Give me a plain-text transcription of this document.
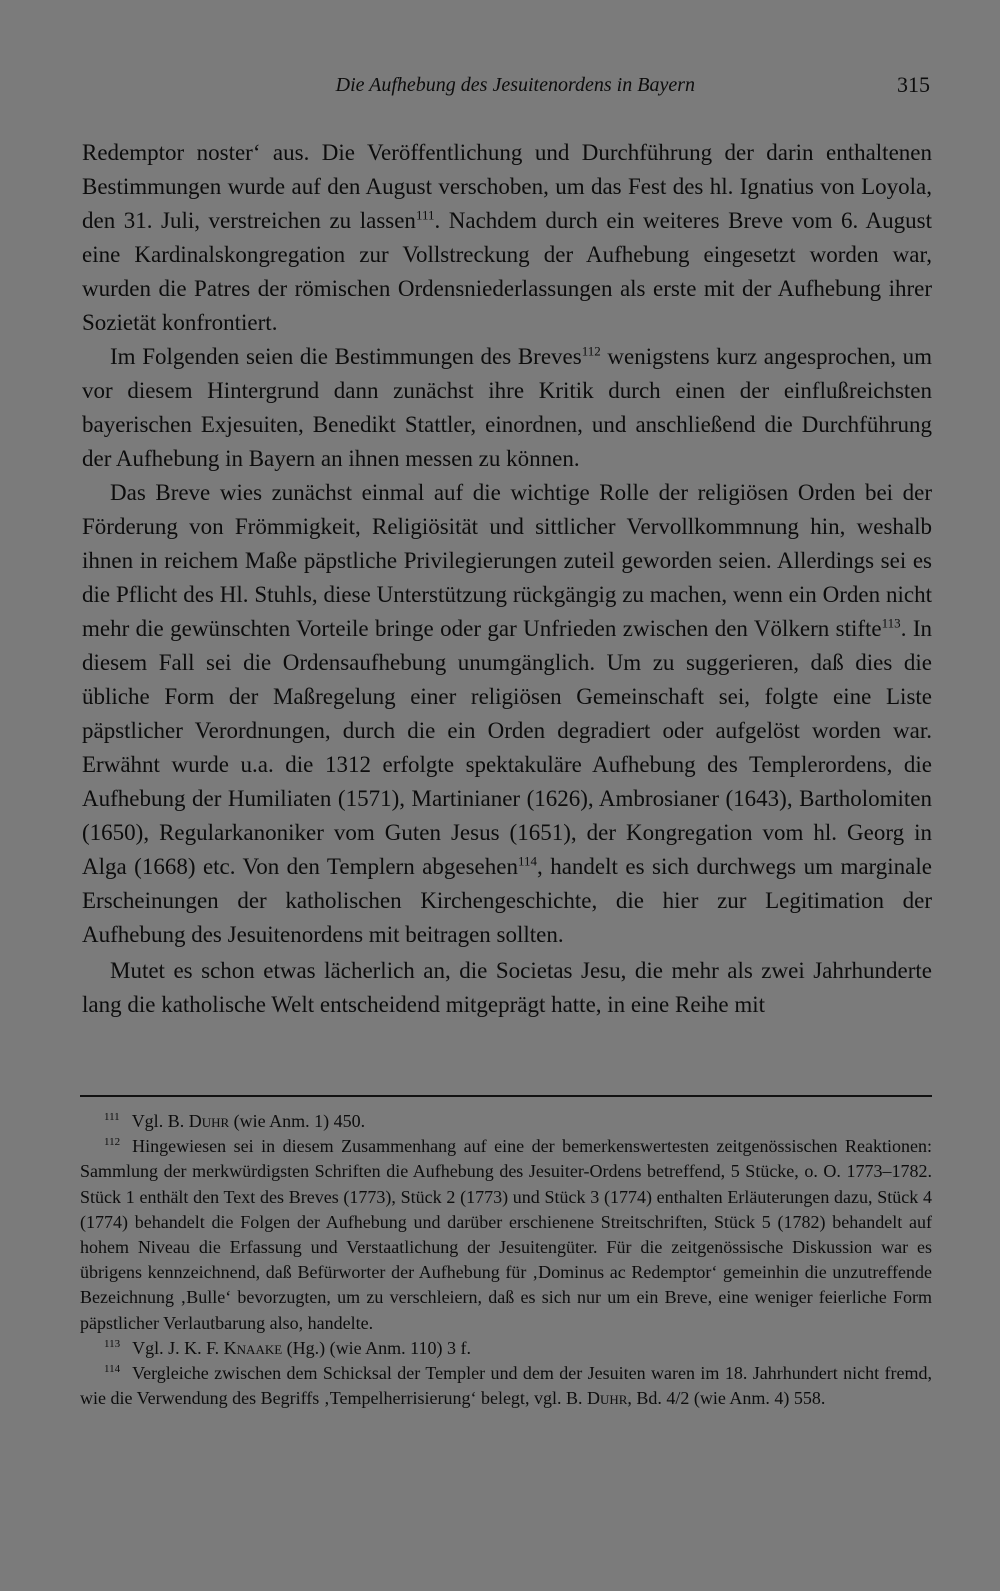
Die Aufhebung des Jesuitenordens in Bayern	315

Redemptor noster‘ aus. Die Veröffentlichung und Durchführung der darin enthaltenen Bestimmungen wurde auf den August verschoben, um das Fest des hl. Ignatius von Loyola, den 31. Juli, verstreichen zu lassen$^{111}$. Nachdem durch ein weiteres Breve vom 6. August eine Kardinalskongregation zur Vollstreckung der Aufhebung eingesetzt worden war, wurden die Patres der römischen Ordensniederlassungen als erste mit der Aufhebung ihrer Sozietät konfrontiert.

Im Folgenden seien die Bestimmungen des Breves$^{112}$ wenigstens kurz angesprochen, um vor diesem Hintergrund dann zunächst ihre Kritik durch einen der einflußreichsten bayerischen Exjesuiten, Benedikt Stattler, einordnen, und anschließend die Durchführung der Aufhebung in Bayern an ihnen messen zu können.

Das Breve wies zunächst einmal auf die wichtige Rolle der religiösen Orden bei der Förderung von Frömmigkeit, Religiösität und sittlicher Vervollkommnung hin, weshalb ihnen in reichem Maße päpstliche Privilegierungen zuteil geworden seien. Allerdings sei es die Pflicht des Hl. Stuhls, diese Unterstützung rückgängig zu machen, wenn ein Orden nicht mehr die gewünschten Vorteile bringe oder gar Unfrieden zwischen den Völkern stifte$^{113}$. In diesem Fall sei die Ordensaufhebung unumgänglich. Um zu suggerieren, daß dies die übliche Form der Maßregelung einer religiösen Gemeinschaft sei, folgte eine Liste päpstlicher Verordnungen, durch die ein Orden degradiert oder aufgelöst worden war. Erwähnt wurde u.a. die 1312 erfolgte spektakuläre Aufhebung des Templerordens, die Aufhebung der Humiliaten (1571), Martinianer (1626), Ambrosianer (1643), Bartholomiten (1650), Regularkanoniker vom Guten Jesus (1651), der Kongregation vom hl. Georg in Alga (1668) etc. Von den Templern abgesehen$^{114}$, handelt es sich durchwegs um marginale Erscheinungen der katholischen Kirchengeschichte, die hier zur Legitimation der Aufhebung des Jesuitenordens mit beitragen sollten.

Mutet es schon etwas lächerlich an, die Societas Jesu, die mehr als zwei Jahrhunderte lang die katholische Welt entscheidend mitgeprägt hatte, in eine Reihe mit

$^{111}$ Vgl. B. Duhr (wie Anm. 1) 450.

$^{112}$ Hingewiesen sei in diesem Zusammenhang auf eine der bemerkenswertesten zeitgenössischen Reaktionen: Sammlung der merkwürdigsten Schriften die Aufhebung des Jesuiter-Ordens betreffend, 5 Stücke, o. O. 1773–1782. Stück 1 enthält den Text des Breves (1773), Stück 2 (1773) und Stück 3 (1774) enthalten Erläuterungen dazu, Stück 4 (1774) behandelt die Folgen der Aufhebung und darüber erschienene Streitschriften, Stück 5 (1782) behandelt auf hohem Niveau die Erfassung und Verstaatlichung der Jesuitengüter. Für die zeitgenössische Diskussion war es übrigens kennzeichnend, daß Befürworter der Aufhebung für ‚Dominus ac Redemptor‘ gemeinhin die unzutreffende Bezeichnung ‚Bulle‘ bevorzugten, um zu verschleiern, daß es sich nur um ein Breve, eine weniger feierliche Form päpstlicher Verlautbarung also, handelte.

$^{113}$ Vgl. J. K. F. Knaake (Hg.) (wie Anm. 110) 3 f.

$^{114}$ Vergleiche zwischen dem Schicksal der Templer und dem der Jesuiten waren im 18. Jahrhundert nicht fremd, wie die Verwendung des Begriffs ‚Tempelherrisierung‘ belegt, vgl. B. Duhr, Bd. 4/2 (wie Anm. 4) 558.
